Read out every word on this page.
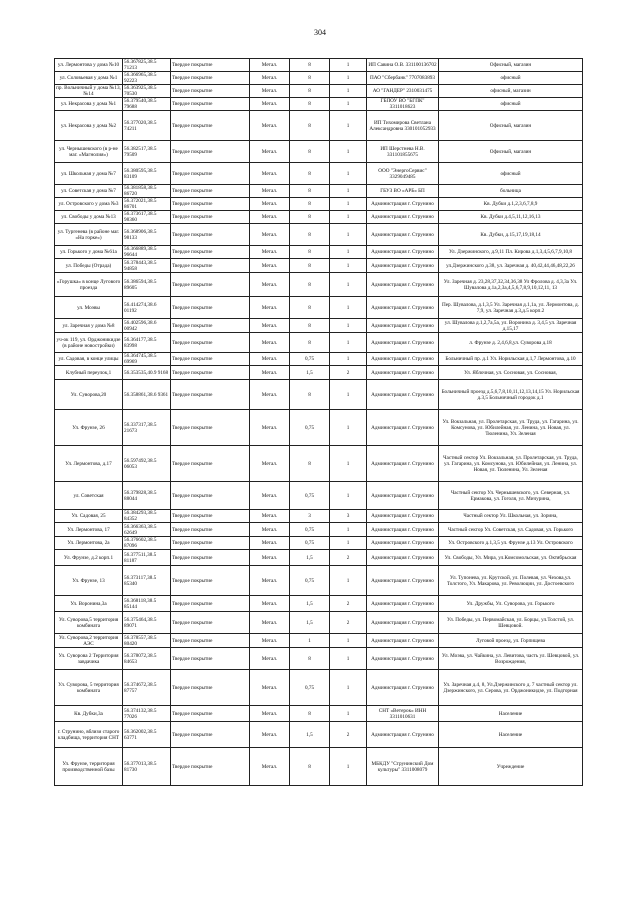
304
ул. Лермонтова у дома №10	56.367825,38.5 71213	Твердое покрытие	Метал.	8	1	ИП Савина О.В. 331100136702	Офисный, магазин
ул. Соловьевая у дома №1	56.366965,38.5 92223	Твердое покрытие	Метал.	8	1	ПАО "Сбербанк" 7707083893	офисный
пр. Вольничный у дома №13, №14	56.363925,38.5 70530	Твердое покрытие	Метал.	8	1	АО "ГАНДЕР" 2310031475	офисный, магазин
ул. Некрасова у дома №1	56.379540,38.5 79688	Твердое покрытие	Метал.	8	1	ГБПОУ ВО "БГПК" 3311018623	офисный
ул. Некрасова у дома №2	56.377020,38.5 74211	Твердое покрытие	Метал.	8	1	ИП Тихомирова Светлана Александровна 330101052933	Офисный, магазин
ул. Чернышевского (в р-не маг. «Магнолия»)	56.382517,38.5 79509	Твердое покрытие	Метал.	8	1	ИП Шерстнева Н.В. 331101855675	Офисный, магазин
ул. Школьная у дома №7	56.380595,38.5 83109	Твердое покрытие	Метал.	8	1	ООО "ЭнергоСервис" 3329049485	офисный
ул. Советская у дома №7	56.381858,38.5 86720	Твердое покрытие	Метал.	8	1	ГБУЗ ВО «АРБ» БП	больница
ул. Островского у дома №3	56.372021,38.5 86701	Твердое покрытие	Метал.	8	1	Администрация г. Струнино	Кв. Дубки д.1,2,3,6,7,8,9
ул. Свободы у дома №13	56.373617,38.5 98360	Твердое покрытие	Метал.	8	1	Администрация г. Струнино	Кв. Дубки д.4,5,11,12,16,13
ул. Тургенева (в районе маг. «На горке»)	56.368906,38.5 98133	Твердое покрытие	Метал.	8	1	Администрация г. Струнино	Кв. Дубки, д.15,17,19,18,14
ул. Горького у дома №61а	56.366889,38.5 96644	Твердое покрытие	Метал.	8	1	Администрация г. Струнино	Ул. Дзержинского, д.9,11 Пл. Кирова д.1,3,4,5,6,7,9,10,8
ул. Победы (Отрада)	56.378443,38.5 94858	Твердое покрытие	Метал.	8	1	Администрация г. Струнино	ул.Дзержинского д.38, ул. Заречная д. 40,42,44,46,48,22,26
«Горушка» в конце Лугового проезда	56.386594,38.5 89605	Твердое покрытие	Метал.	8	1	Администрация г. Струнино	Ул. Заречная д. 23,28,37,32,34,36,38 Ул Фролова д. 4,3,3а Ул. Шувалова д.1а,2,3а,4,5,6,7,8,9,10,12,11, 13
ул. Моэвы	56.414274,38.6 01192	Твердое покрытие	Метал.	8	1	Администрация г. Струнино	Пер. Шувалова, д.1,3,5 Ул. Заречная д.1,1а, ул. Лермонтова, д. 7,9, ул. Заречная д.3,д.5 корп.2
ул. Заречная у дома №8	56.402596,38.6 00942	Твердое покрытие	Метал.	8	1	Администрация г. Струнино	ул. Шувалова д.1,2,7а,5а, ул. Воронина д. 3,4,5 ул. Заречная д.15,17
уч-ок 119, ул. Орджоникидзе (в районе новостройки)	56.364177,38.5 83998	Твердое покрытие	Метал.	8	1	Администрация г. Струнино	л. Фрунзе д. 2,4,6,8,ул. Суворова д.18
ул. Садовая, в конце улицы	56.364745,38.5 69969	Твердое покрытие	Метал.	0,75	1	Администрация г. Струнино	Больничный пр. д.1 Ул. Норильская д.1,7 Лермонтова, д.10
Клубный переулок,1	56.353535,40.9 9168	Твердое покрытие	Метал.	1,5	2	Администрация г. Струнино	Ул. Яблочная, ул. Сосновая, ул. Сосновая,
Ул. Суворова,20	56.358861,38.6 9361	Твердое покрытие	Метал.	8	1	Администрация г. Струнино	Больничный проезд д.5,6,7,8,10,11,12,13,14,15 Ул. Норильская д.3,5 Больничный городок д.1
Ул. Фрунзе, 26	56.337317,38.5 21673	Твердое покрытие	Метал.	0,75	1	Администрация г. Струнино	Ул. Вокзальная, ул. Пролетарская, ул. Труда, ул. Гагарина, ул. Комсунова, ул. Юбилейная, ул. Ленина, ул. Новая, ул. Тюленина, Ул. Зеленая
Ул. Лермонтова, д.17	56.597492,38.5 06053	Твердое покрытие	Метал.	8	1	Администрация г. Струнино	Частный сектор Ул. Вокзальная, ул. Пролетарская, ул. Труда, ул. Гагарина, ул. Комсунова, ул. Юбилейная, ул. Ленина, ул. Новая, ул. Тюленина, Ул. Зеленая
ул. Советская	56.379828,38.5 88044	Твердое покрытие	Метал.	0,75	1	Администрация г. Струнино	Частный сектор Ул. Чернышевского, ул. Северная, ул. Ермакова, ул. Гоголя, ул. Мичурина,
Ул. Садовая, 25	56.384293,38.5 84352	Твердое покрытие	Метал.	3	3	Администрация г. Струнино	Частный сектор Ул. Школьная, ул. Зорина,
Ул. Лермонтова, 17	56.366363,38.5 62649	Твердое покрытие	Метал.	0,75	1	Администрация г. Струнино	Частный сектор Ул. Советская, ул. Садовая, ул. Горького
Ул. Лермонтова, 2а	56.376602,38.5 87096	Твердое покрытие	Метал.	0,75	1	Администрация г. Струнино	Ул. Островского д.1,3,5 ул. Фрунзе д.13 Ул. Островского
Ул. Фрунзе, д.2 корп.1	56.377511,38.5 81187	Твердое покрытие	Метал.	1,5	2	Администрация г. Струнино	Ул. Свободы, Ул. Мира, ул.Комсомольская, ул. Октябрьская
Ул. Фрунзе, 13	56.373117,38.5 85340	Твердое покрытие	Метал.	0,75	1	Администрация г. Струнино	Ул. Тупонева, ул. Крутской, ул. Полевая, ул. Чехова,ул. Толстого, Ул. Макарова, ул. Революции, ул. Достоевского
Ул. Воронина,3а	56.368118,38.5 85144	Твердое покрытие	Метал.	1,5	2	Администрация г. Струнино	Ул. Дружбы, Ул. Суворова, ул. Горького
Ул. Суворова,5 территория комбината	56.375464,38.5 89071	Твердое покрытие	Метал.	1,5	2	Администрация г. Струнино	Ул. Победы, ул. Первомайская, ул. Борцы, ул.Толстой, ул. Шевцовой.
Ул. Суворова,2 территория АЭС	56.378557,38.5 80420	Твердое покрытие	Метал.	1	1	Администрация г. Струнино	Луговой проезд, ул. Горпищева
Ул. Суворова 2 Территория завдачика	56.378072,38.5 84653	Твердое покрытие	Метал.	8	1	Администрация г. Струнино	Ул. Моэва, ул. Чайкина, ул. Левитова, часть ул. Шевцовой, ул. Возрождения,
Ул. Суворова, 5 территория комбината	56.374672,38.5 87757	Твердое покрытие	Метал.	0,75	1	Администрация г. Струнино	Ул. Заречная д.4, 8, Ул.Дзержинского д. 7 частный сектор ул. Дзержинского, ул. Серова, ул. Орджоникидзе, ул. Подгорная
Кв. Дубки,3а	56.374132,38.5 77026	Твердое покрытие	Метал.	8	1	СНТ «Ветерок» ИНН 3311010631	Население
г. Струнино, вблизи старого кладбища, территория СНТ	56.362002,38.5 63771	Твердое покрытие	Метал.	1,5	2	Администрация г. Струнино	Население
Ул. Фрунзе, территория производственной базы	56.377013,38.5 81730	Твердое покрытие	Метал.	8	1	МБКДУ "Струнинский Дом культуры" 3311008079	Учреждение
